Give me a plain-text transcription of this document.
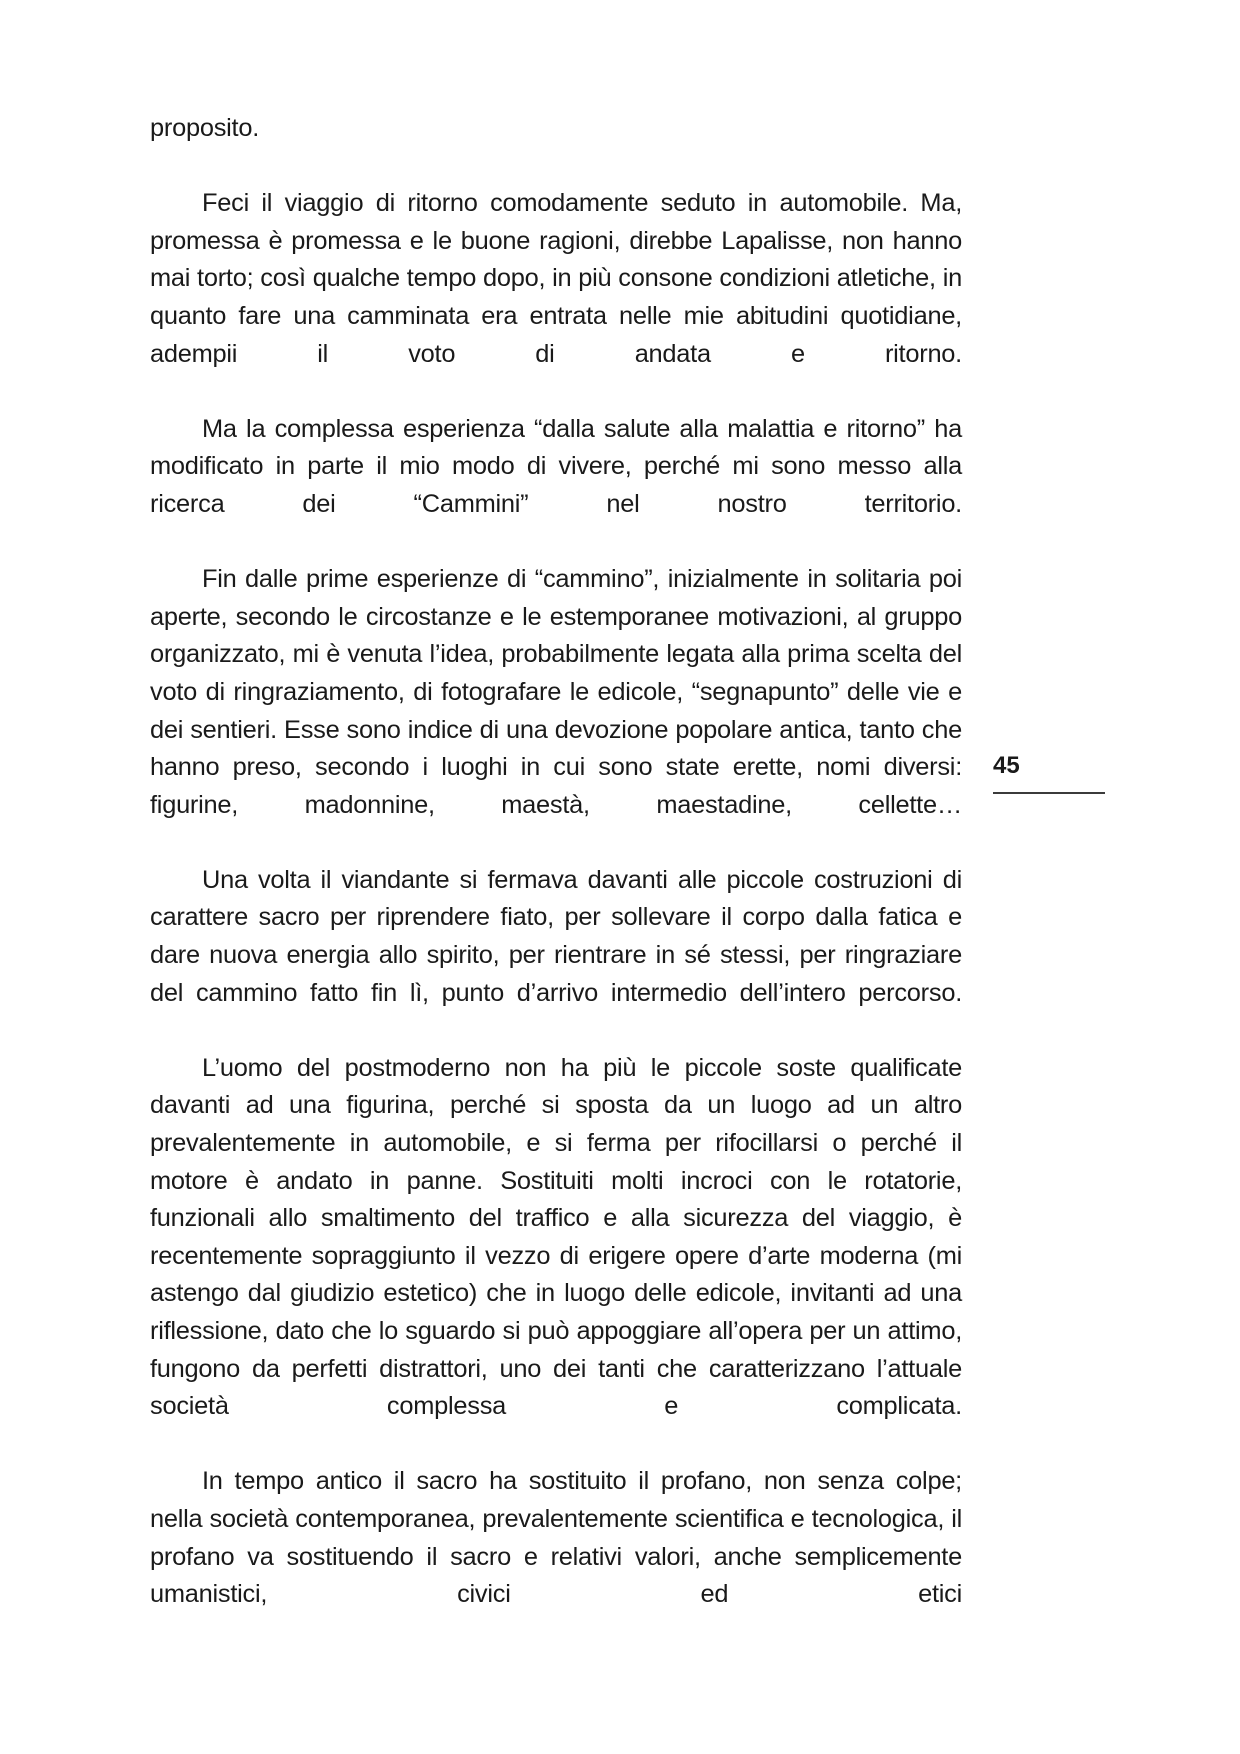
proposito.

Feci il viaggio di ritorno comodamente seduto in automobile. Ma, promessa è promessa e le buone ragioni, direbbe Lapalisse, non hanno mai torto; così qualche tempo dopo, in più consone condizioni atletiche, in quanto fare una camminata era entrata nelle mie abitudini quotidiane, adempii il voto di andata e ritorno.

Ma la complessa esperienza “dalla salute alla malattia e ritorno” ha modificato in parte il mio modo di vivere, perché mi sono messo alla ricerca dei “Cammini” nel nostro territorio.

Fin dalle prime esperienze di “cammino”, inizialmente in solitaria poi aperte, secondo le circostanze e le estemporanee motivazioni, al gruppo organizzato, mi è venuta l’idea, probabilmente legata alla prima scelta del voto di ringraziamento, di fotografare le edicole, “segnapunto” delle vie e dei sentieri. Esse sono indice di una devozione popolare antica, tanto che hanno preso, secondo i luoghi in cui sono state erette, nomi diversi: figurine, madonnine, maestà, maestadine, cellette…

Una volta il viandante si fermava davanti alle piccole costruzioni di carattere sacro per riprendere fiato, per sollevare il corpo dalla fatica e dare nuova energia allo spirito, per rientrare in sé stessi, per ringraziare del cammino fatto fin lì, punto d’arrivo intermedio dell’intero percorso.

L’uomo del postmoderno non ha più le piccole soste qualificate davanti ad una figurina, perché si sposta da un luogo ad un altro prevalentemente in automobile, e si ferma per rifocillarsi o perché il motore è andato in panne. Sostituiti molti incroci con le rotatorie, funzionali allo smaltimento del traffico e alla sicurezza del viaggio, è recentemente sopraggiunto il vezzo di erigere opere d’arte moderna (mi astengo dal giudizio estetico) che in luogo delle edicole, invitanti ad una riflessione, dato che lo sguardo si può appoggiare all’opera per un attimo, fungono da perfetti distrattori, uno dei tanti che caratterizzano l’attuale società complessa e complicata.

In tempo antico il sacro ha sostituito il profano, non senza colpe; nella società contemporanea, prevalentemente scientifica e tecnologica, il profano va sostituendo il sacro e relativi valori, anche semplicemente umanistici, civici ed etici

45
